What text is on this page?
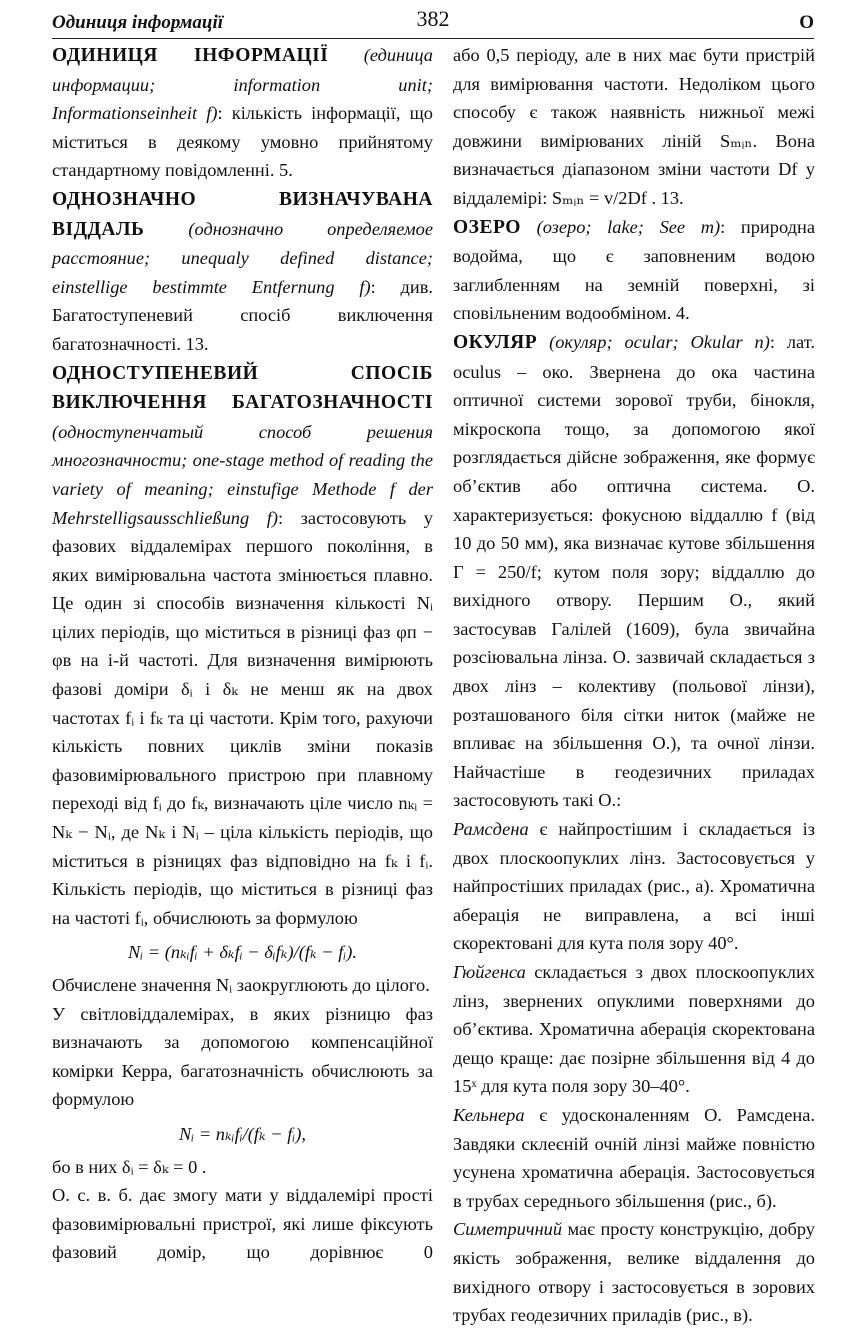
Одиниця інформації	382	О

ОДИНИЦЯ ІНФОРМАЦІЇ (единица информации; information unit; Informationseinheit f): кількість інформації, що міститься в деякому умовно прийнятому стандартному повідомленні. 5.

ОДНОЗНАЧНО ВИЗНАЧУВАНА ВІДДАЛЬ (однозначно определяемое расстояние; unequaly defined distance; einstellige bestimmte Entfernung f): див. Багатоступеневий спосіб виключення багатозначності. 13.

ОДНОСТУПЕНЕВИЙ СПОСІБ ВИКЛЮЧЕННЯ БАГАТОЗНАЧНОСТІ (одноступенчатый способ решения многозначности; one-stage method of reading the variety of meaning; einstufige Methode f der Mehrstelligsausschließung f): застосовують у фазових віддалемірах першого покоління, в яких вимірювальна частота змінюється плавно. Це один зі способів визначення кількості Nᵢ цілих періодів, що міститься в різниці фаз φп − φв на i-й частоті. Для визначення вимірюють фазові доміри δᵢ і δₖ не менш як на двох частотах fᵢ і fₖ та ці частоти. Крім того, рахуючи кількість повних циклів зміни показів фазовимірювального пристрою при плавному переході від fᵢ до fₖ, визначають ціле число nₖᵢ = Nₖ − Nᵢ, де Nₖ і Nᵢ – ціла кількість періодів, що міститься в різницях фаз відповідно на fₖ і fᵢ. Кількість періодів, що міститься в різниці фаз на частоті fᵢ, обчислюють за формулою

Nᵢ = (nₖᵢfᵢ + δₖfᵢ − δᵢfₖ)/(fₖ − fᵢ).

Обчислене значення Nᵢ заокруглюють до цілого.

У світловіддалемірах, в яких різницю фаз визначають за допомогою компенсаційної комірки Керра, багатозначність обчислюють за формулою

Nᵢ = nₖᵢfᵢ/(fₖ − fᵢ),

бо в них δᵢ = δₖ = 0 .

О. с. в. б. дає змогу мати у віддалемірі прості фазовимірювальні пристрої, які лише фіксують фазовий домір, що дорівнює 0

або 0,5 періоду, але в них має бути пристрій для вимірювання частоти. Недоліком цього способу є також наявність нижньої межі довжини вимірюваних ліній Sₘᵢₙ. Вона визначається діапазоном зміни частоти Df у віддалемірі: Sₘᵢₙ = v/2Df . 13.

ОЗЕРО (озеро; lake; See m): природна водойма, що є заповненим водою заглибленням на земній поверхні, зі сповільненим водообміном. 4.

ОКУЛЯР (окуляр; ocular; Okular n): лат. oculus – око. Звернена до ока частина оптичної системи зорової труби, бінокля, мікроскопа тощо, за допомогою якої розглядається дійсне зображення, яке формує об’єктив або оптична система. О. характеризується: фокусною віддаллю f (від 10 до 50 мм), яка визначає кутове збільшення Г = 250/f; кутом поля зору; віддаллю до вихідного отвору. Першим О., який застосував Галілей (1609), була звичайна розсіювальна лінза. О. зазвичай складається з двох лінз – колективу (польової лінзи), розташованого біля сітки ниток (майже не впливає на збільшення О.), та очної лінзи. Найчастіше в геодезичних приладах застосовують такі О.:

Рамсдена є найпростішим і складається із двох плоскоопуклих лінз. Застосовується у найпростіших приладах (рис., а). Хроматична аберація не виправлена, а всі інші скоректовані для кута поля зору 40°.

Гюйгенса складається з двох плоскоопуклих лінз, звернених опуклими поверхнями до об’єктива. Хроматична аберація скоректована дещо краще: дає позірне збільшення від 4 до 15ˣ для кута поля зору 30–40°.

Кельнера є удосконаленням О. Рамсдена. Завдяки склеєній очній лінзі майже повністю усунена хроматична аберація. Застосовується в трубах середнього збільшення (рис., б).

Симетричний має просту конструкцію, добру якість зображення, велике віддалення до вихідного отвору і застосовується в зорових трубах геодезичних приладів (рис., в).
